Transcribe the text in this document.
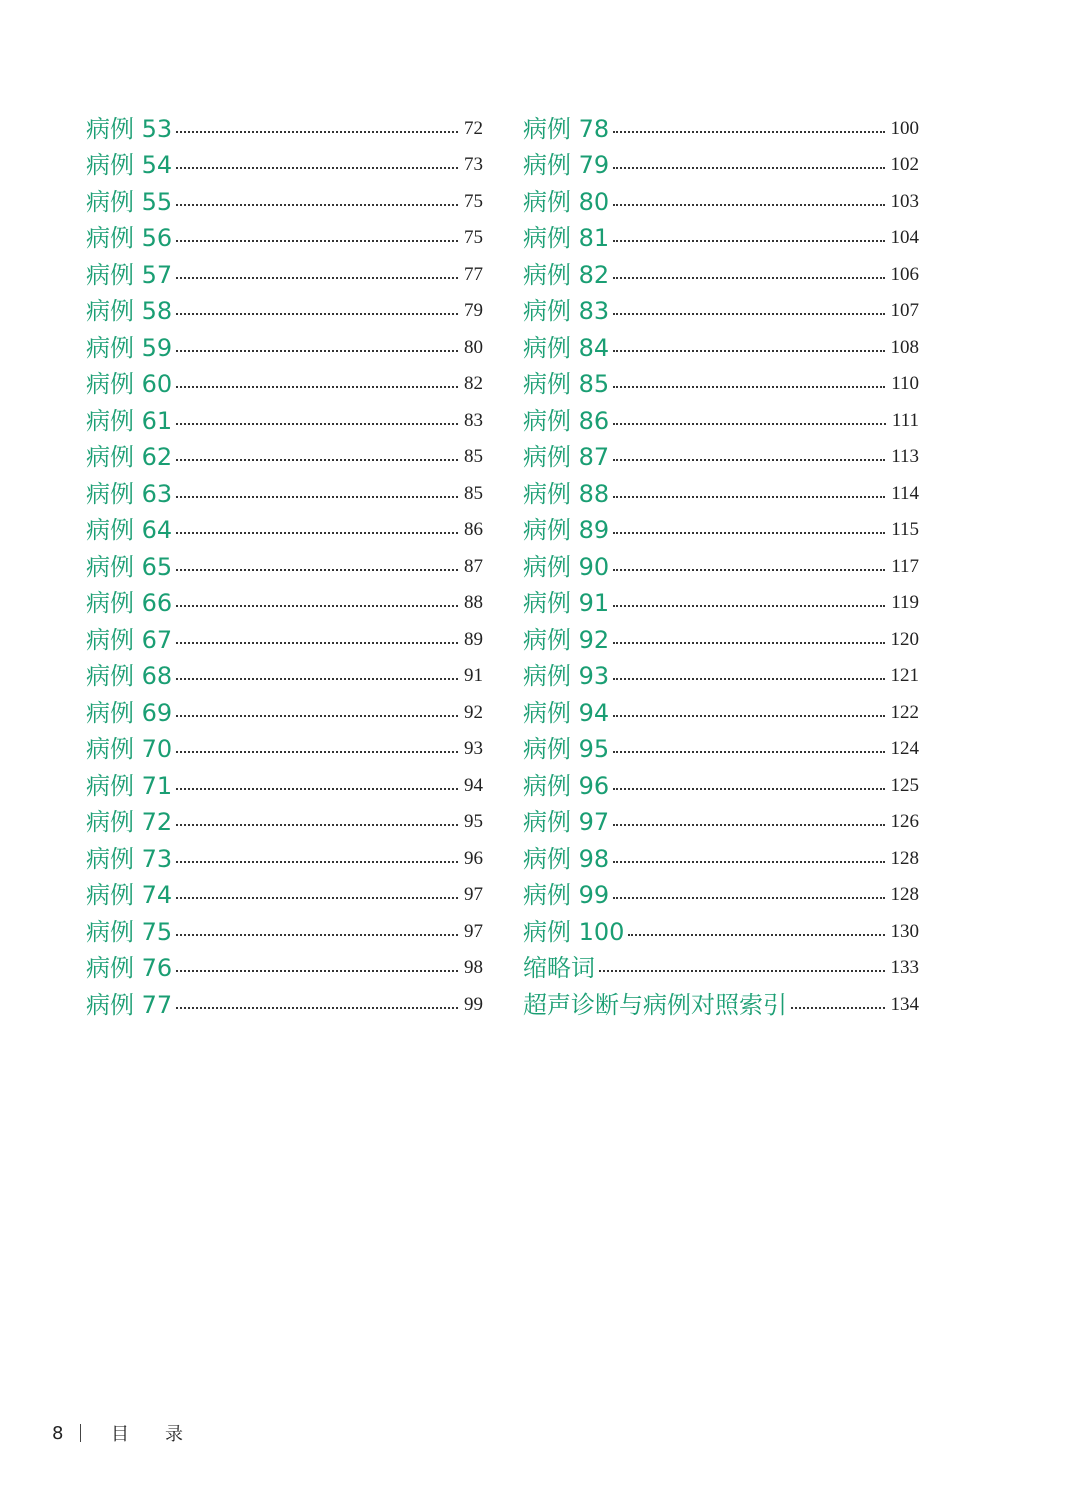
病例 53	72
病例 54	73
病例 55	75
病例 56	75
病例 57	77
病例 58	79
病例 59	80
病例 60	82
病例 61	83
病例 62	85
病例 63	85
病例 64	86
病例 65	87
病例 66	88
病例 67	89
病例 68	91
病例 69	92
病例 70	93
病例 71	94
病例 72	95
病例 73	96
病例 74	97
病例 75	97
病例 76	98
病例 77	99
病例 78	100
病例 79	102
病例 80	103
病例 81	104
病例 82	106
病例 83	107
病例 84	108
病例 85	110
病例 86	111
病例 87	113
病例 88	114
病例 89	115
病例 90	117
病例 91	119
病例 92	120
病例 93	121
病例 94	122
病例 95	124
病例 96	125
病例 97	126
病例 98	128
病例 99	128
病例 100	130
缩略词	133
超声诊断与病例对照索引	134
8	目录
